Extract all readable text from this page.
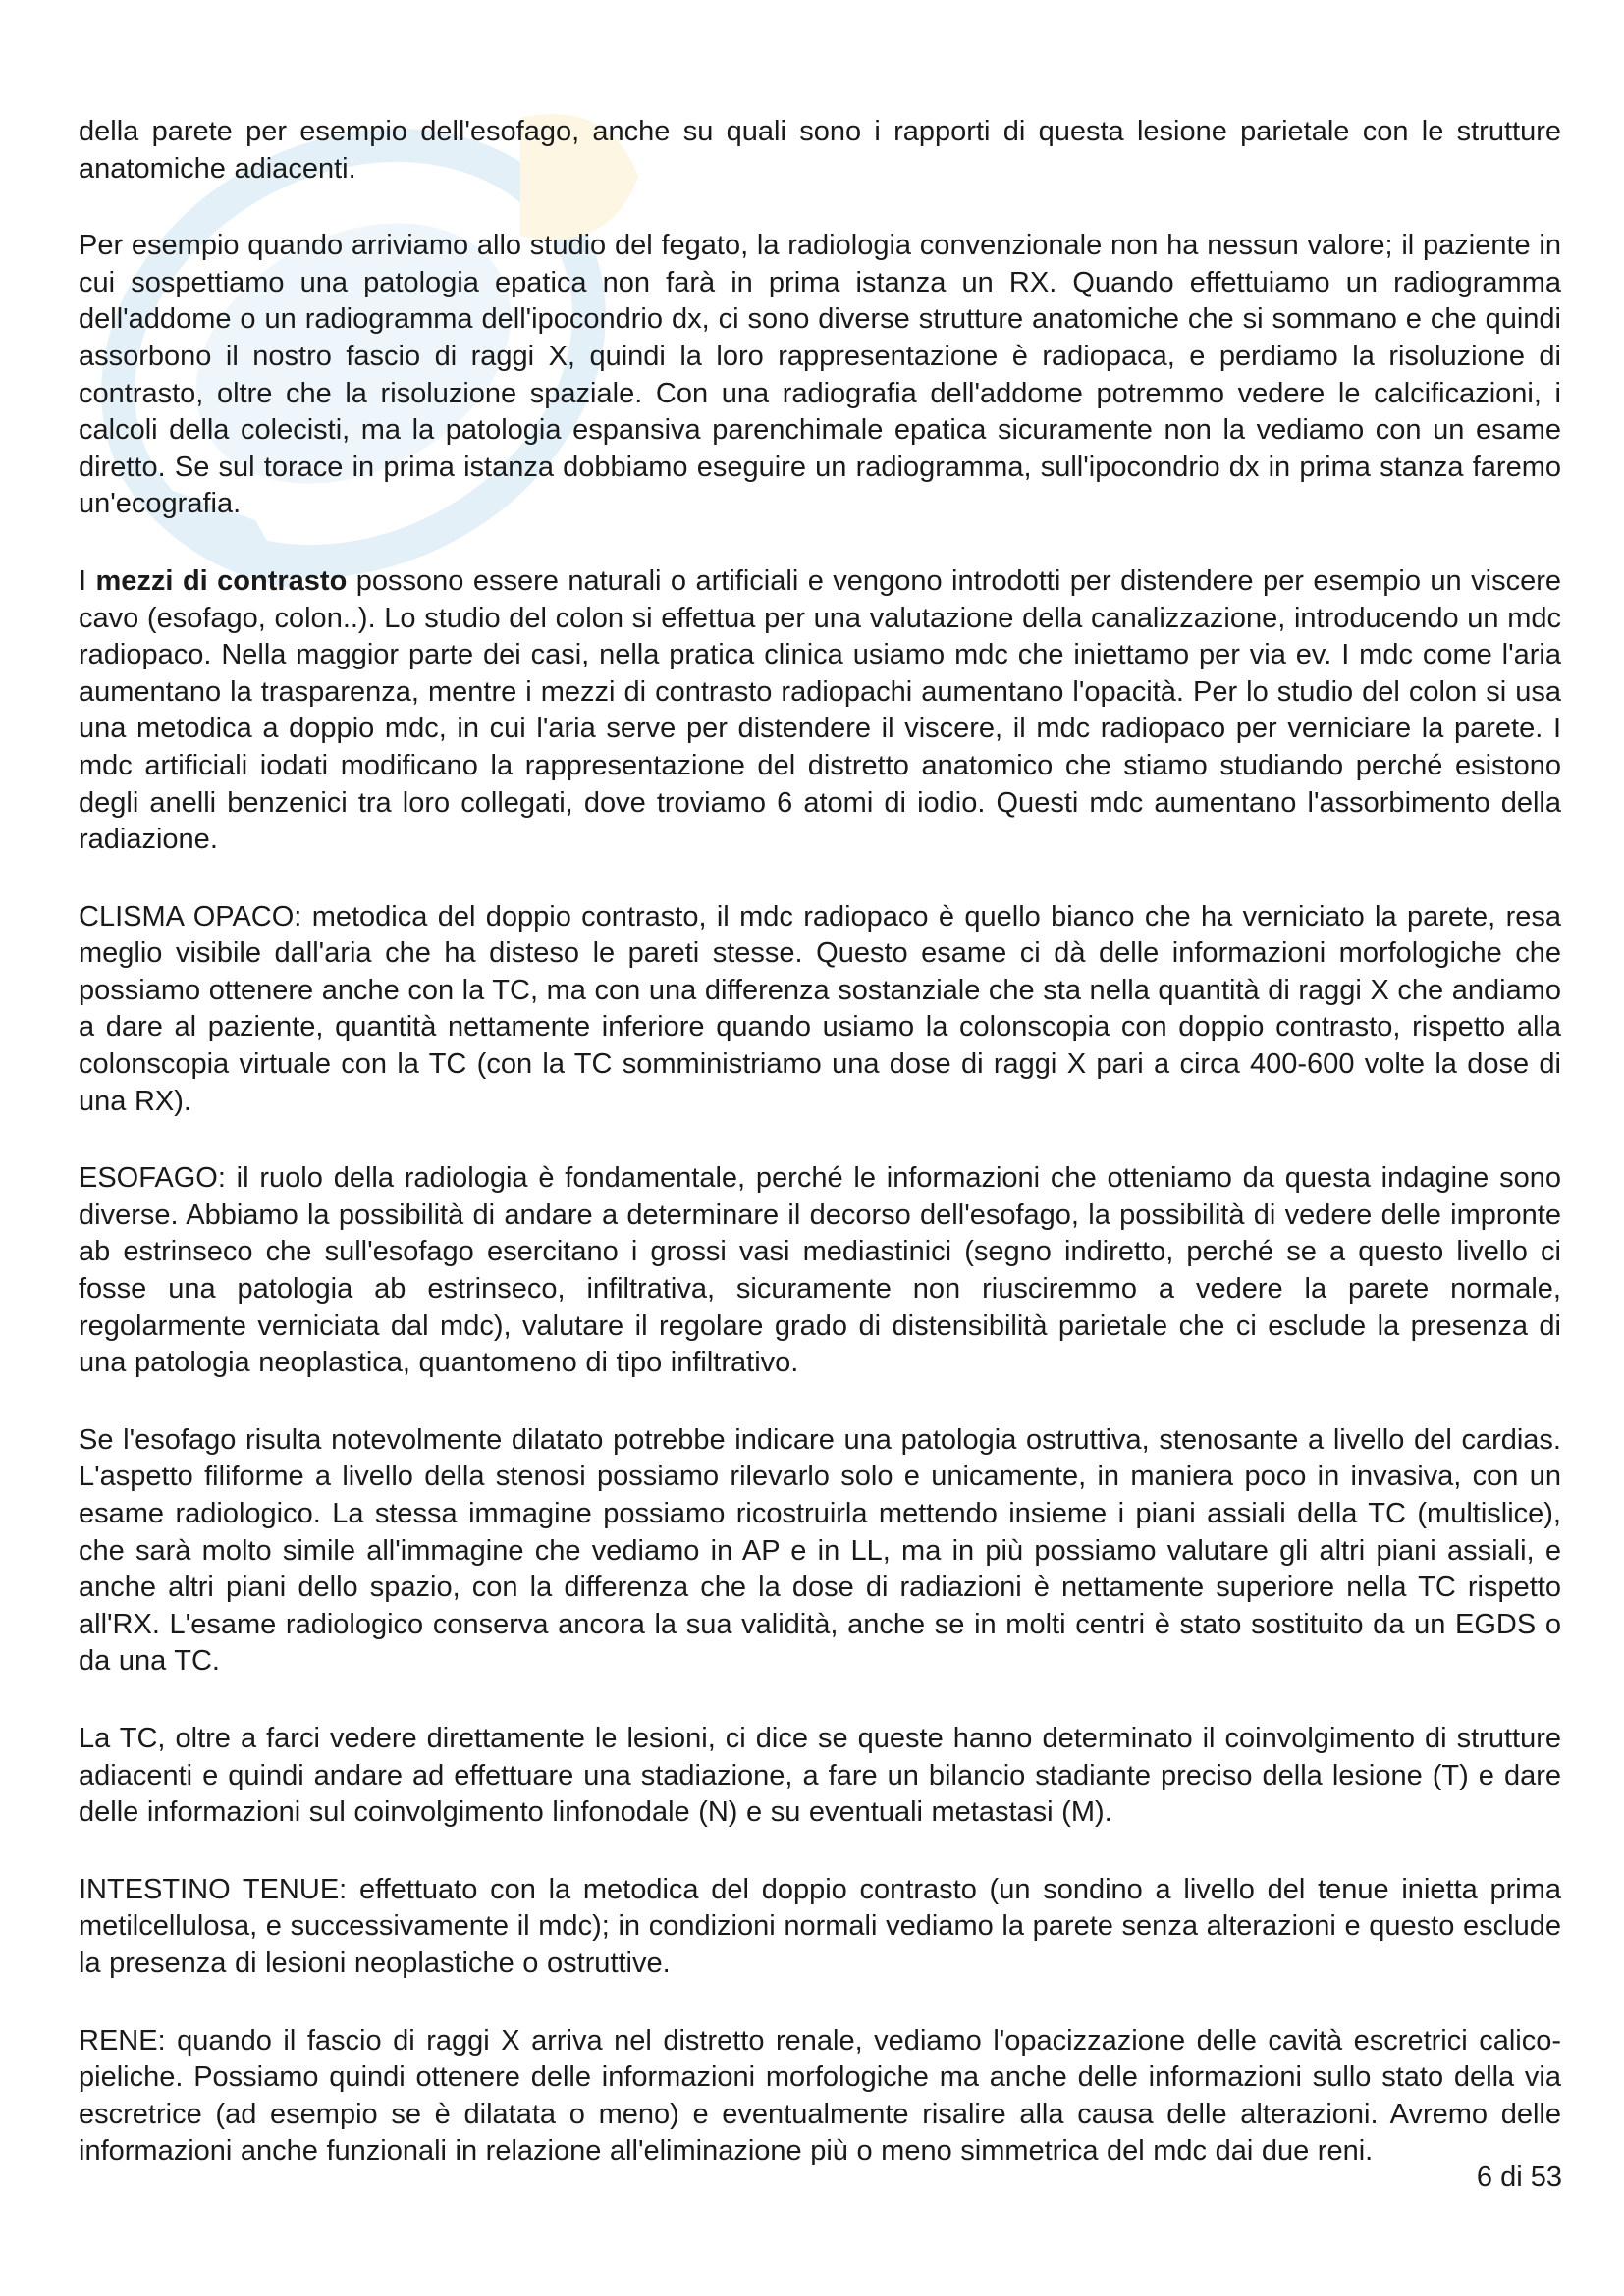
della parete per esempio dell'esofago, anche su quali sono i rapporti di questa lesione parietale con le strutture anatomiche adiacenti.

Per esempio quando arriviamo allo studio del fegato, la radiologia convenzionale non ha nessun valore; il paziente in cui sospettiamo una patologia epatica non farà in prima istanza un RX. Quando effettuiamo un radiogramma dell'addome o un radiogramma dell'ipocondrio dx, ci sono diverse strutture anatomiche che si sommano e che quindi assorbono il nostro fascio di raggi X, quindi la loro rappresentazione è radiopaca, e perdiamo la risoluzione di contrasto, oltre che la risoluzione spaziale. Con una radiografia dell'addome potremmo vedere le calcificazioni, i calcoli della colecisti, ma la patologia espansiva parenchimale epatica sicuramente non la vediamo con un esame diretto. Se sul torace in prima istanza dobbiamo eseguire un radiogramma, sull'ipocondrio dx in prima stanza faremo un'ecografia.

I mezzi di contrasto possono essere naturali o artificiali e vengono introdotti per distendere per esempio un viscere cavo (esofago, colon..). Lo studio del colon si effettua per una valutazione della canalizzazione, introducendo un mdc radiopaco. Nella maggior parte dei casi, nella pratica clinica usiamo mdc che iniettamo per via ev. I mdc come l'aria aumentano la trasparenza, mentre i mezzi di contrasto radiopachi aumentano l'opacità. Per lo studio del colon si usa una metodica a doppio mdc, in cui l'aria serve per distendere il viscere, il mdc radiopaco per verniciare la parete. I mdc artificiali iodati modificano la rappresentazione del distretto anatomico che stiamo studiando perché esistono degli anelli benzenici tra loro collegati, dove troviamo 6 atomi di iodio. Questi mdc aumentano l'assorbimento della radiazione.

CLISMA OPACO: metodica del doppio contrasto, il mdc radiopaco è quello bianco che ha verniciato la parete, resa meglio visibile dall'aria che ha disteso le pareti stesse. Questo esame ci dà delle informazioni morfologiche che possiamo ottenere anche con la TC, ma con una differenza sostanziale che sta nella quantità di raggi X che andiamo a dare al paziente, quantità nettamente inferiore quando usiamo la colonscopia con doppio contrasto, rispetto alla colonscopia virtuale con la TC (con la TC somministriamo una dose di raggi X pari a circa 400-600 volte la dose di una RX).

ESOFAGO: il ruolo della radiologia è fondamentale, perché le informazioni che otteniamo da questa indagine sono diverse. Abbiamo la possibilità di andare a determinare il decorso dell'esofago, la possibilità di vedere delle impronte ab estrinseco che sull'esofago esercitano i grossi vasi mediastinici (segno indiretto, perché se a questo livello ci fosse una patologia ab estrinseco, infiltrativa, sicuramente non riusciremmo a vedere la parete normale, regolarmente verniciata dal mdc), valutare il regolare grado di distensibilità parietale che ci esclude la presenza di una patologia neoplastica, quantomeno di tipo infiltrativo.

Se l'esofago risulta notevolmente dilatato potrebbe indicare una patologia ostruttiva, stenosante a livello del cardias. L'aspetto filiforme a livello della stenosi possiamo rilevarlo solo e unicamente, in maniera poco in invasiva, con un esame radiologico. La stessa immagine possiamo ricostruirla mettendo insieme i piani assiali della TC (multislice), che sarà molto simile all'immagine che vediamo in AP e in LL, ma in più possiamo valutare gli altri piani assiali, e anche altri piani dello spazio, con la differenza che la dose di radiazioni è nettamente superiore nella TC rispetto all'RX. L'esame radiologico conserva ancora la sua validità, anche se in molti centri è stato sostituito da un EGDS o da una TC.

La TC, oltre a farci vedere direttamente le lesioni, ci dice se queste hanno determinato il coinvolgimento di strutture adiacenti e quindi andare ad effettuare una stadiazione, a fare un bilancio stadiante preciso della lesione (T) e dare delle informazioni sul coinvolgimento linfonodale (N) e su eventuali metastasi (M).

INTESTINO TENUE: effettuato con la metodica del doppio contrasto (un sondino a livello del tenue inietta prima metilcellulosa, e successivamente il mdc); in condizioni normali vediamo la parete senza alterazioni e questo esclude la presenza di lesioni neoplastiche o ostruttive.

RENE: quando il fascio di raggi X arriva nel distretto renale, vediamo l'opacizzazione delle cavità escretrici calico-pieliche. Possiamo quindi ottenere delle informazioni morfologiche ma anche delle informazioni sullo stato della via escretrice (ad esempio se è dilatata o meno) e eventualmente risalire alla causa delle alterazioni. Avremo delle informazioni anche funzionali in relazione all'eliminazione più o meno simmetrica del mdc dai due reni.

6 di 53
